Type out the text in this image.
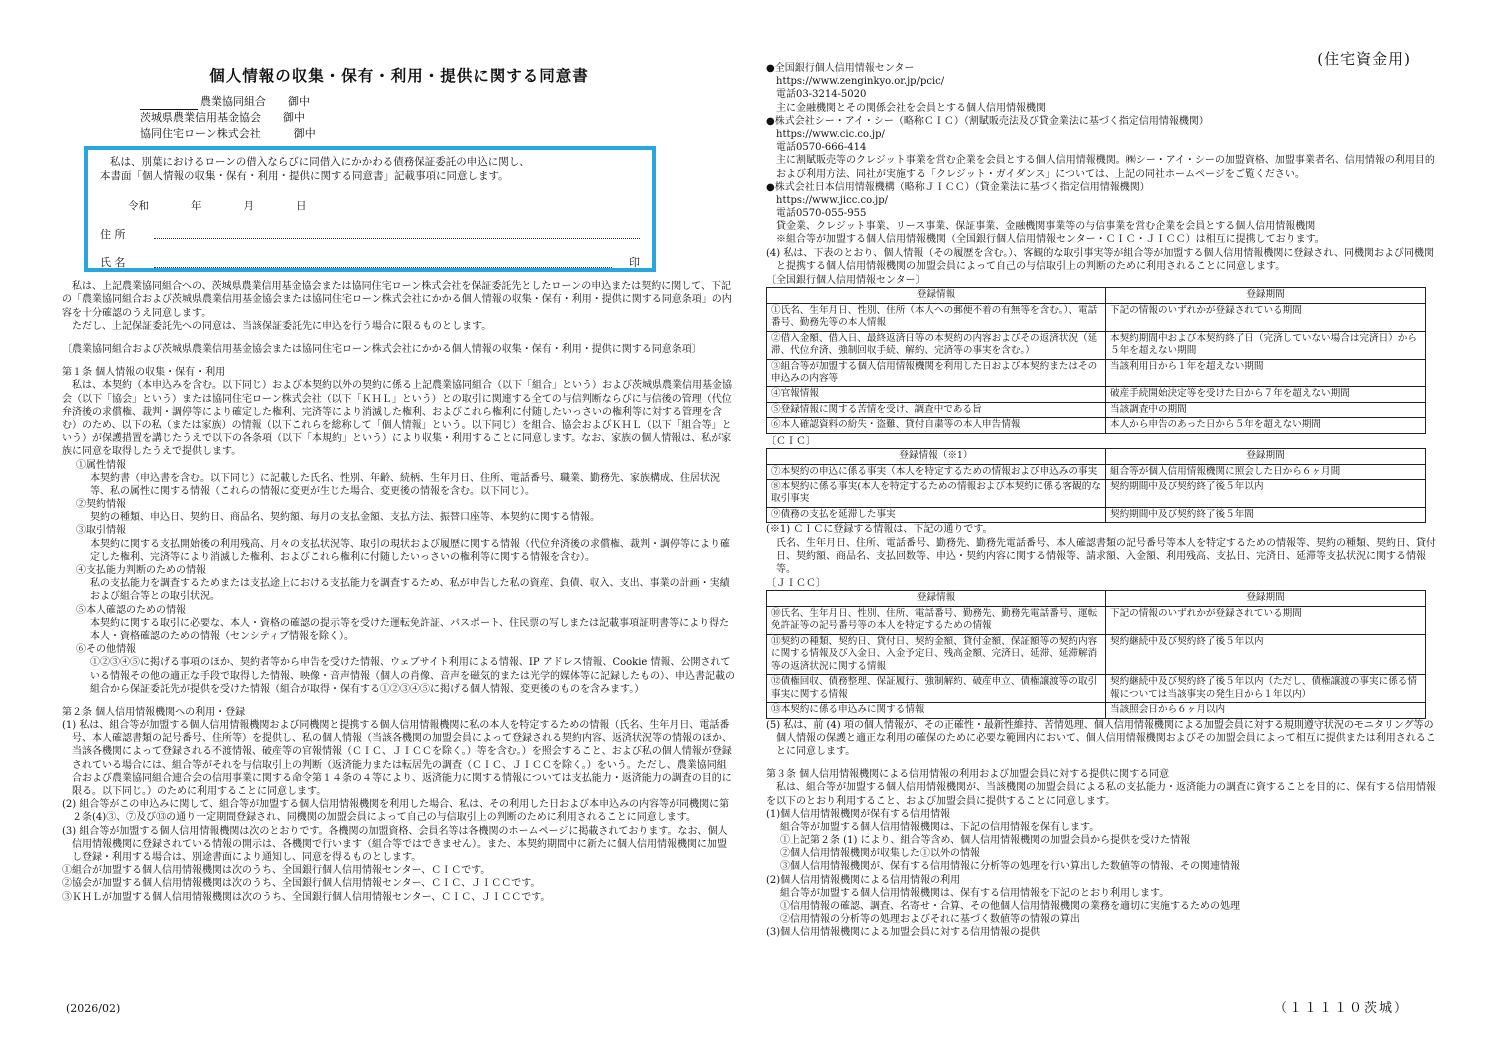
(住宅資金用)
個人情報の収集・保有・利用・提供に関する同意書
農業協同組合 御中
茨城県農業信用基金協会 御中
協同住宅ローン株式会社	御中

私は、別葉におけるローンの借入ならびに同借入にかかわる債務保証委託の申込に関し、

本書面「個人情報の収集・保有・利用・提供に関する同意書」記載事項に同意します。

令和	年	月	日
住 所
氏 名	印

私は、上記農業協同組合への、茨城県農業信用基金協会または協同住宅ローン株式会社を保証委託先としたローンの申込または契約に関して、下記の「農業協同組合および茨城県農業信用基金協会または協同住宅ローン株式会社にかかる個人情報の収集・保有・利用・提供に関する同意条項」の内容を十分確認のうえ同意します。

ただし、上記保証委託先への同意は、当該保証委託先に申込を行う場合に限るものとします。

〔農業協同組合および茨城県農業信用基金協会または協同住宅ローン株式会社にかかる個人情報の収集・保有・利用・提供に関する同意条項〕

第１条 個人情報の収集・保有・利用

私は、本契約（本申込みを含む。以下同じ）および本契約以外の契約に係る上記農業協同組合（以下「組合」という）および茨城県農業信用基金協会（以下「協会」という）または協同住宅ローン株式会社（以下「ＫＨＬ」という）との取引に関連する全ての与信判断ならびに与信後の管理（代位弁済後の求償権、裁判・調停等により確定した権利、完済等により消滅した権利、およびこれら権利に付随したいっさいの権利等に対する管理を含む）のため、以下の私（または家族）の情報（以下これらを総称して「個人情報」という。以下同じ）を組合、協会およびＫＨＬ（以下「組合等」という）が保護措置を講じたうえで以下の各条項（以下「本規約」という）により収集・利用することに同意します。なお、家族の個人情報は、私が家族に同意を取得したうえで提供します。

①属性情報

本契約書（申込書を含む。以下同じ）に記載した氏名、性別、年齢、続柄、生年月日、住所、電話番号、職業、勤務先、家族構成、住居状況等、私の属性に関する情報（これらの情報に変更が生じた場合、変更後の情報を含む。以下同じ）。

②契約情報

契約の種類、申込日、契約日、商品名、契約額、毎月の支払金額、支払方法、振替口座等、本契約に関する情報。

③取引情報

本契約に関する支払開始後の利用残高、月々の支払状況等、取引の現状および履歴に関する情報（代位弁済後の求償権、裁判・調停等により確定した権利、完済等により消滅した権利、およびこれら権利に付随したいっさいの権利等に関する情報を含む）。

④支払能力判断のための情報

私の支払能力を調査するためまたは支払途上における支払能力を調査するため、私が申告した私の資産、負債、収入、支出、事業の計画・実績および組合等との取引状況。

⑤本人確認のための情報

本契約に関する取引に必要な、本人・資格の確認の提示等を受けた運転免許証、パスポート、住民票の写しまたは記載事項証明書等により得た本人・資格確認のための情報（センシティブ情報を除く）。

⑥その他情報

①②③④⑤に掲げる事項のほか、契約者等から申告を受けた情報、ウェブサイト利用による情報、IP アドレス情報、Cookie 情報、公開されている情報その他の適正な手段で取得した情報、映像・音声情報（個人の肖像、音声を磁気的または光学的媒体等に記録したもの）、申込書記載の組合から保証委託先が提供を受けた情報（組合が取得・保有する①②③④⑤に掲げる個人情報、変更後のものを含みます。）

第２条 個人信用情報機関への利用・登録

(1) 私は、組合等が加盟する個人信用情報機関および同機関と提携する個人信用情報機関に私の本人を特定するための情報（氏名、生年月日、電話番号、本人確認書類の記号番号、住所等）を提供し、私の個人情報（当該各機関の加盟会員によって登録される契約内容、返済状況等の情報のほか、当該各機関によって登録される不渡情報、破産等の官報情報（ＣＩＣ、ＪＩＣＣを除く。）等を含む。）を照会すること、および私の個人情報が登録されている場合には、組合等がそれを与信取引上の判断（返済能力または転居先の調査（ＣＩＣ、ＪＩＣＣを除く。）をいう。ただし、農業協同組合および農業協同組合連合会の信用事業に関する命令第１４条の４等により、返済能力に関する情報については支払能力・返済能力の調査の目的に限る。以下同じ。）のために利用することに同意します。

(2) 組合等がこの申込みに関して、組合等が加盟する個人信用情報機関を利用した場合、私は、その利用した日および本申込みの内容等が同機関に第２条(4)③、⑦及び⑬の通り一定期間登録され、同機関の加盟会員によって自己の与信取引上の判断のために利用されることに同意します。

(3) 組合等が加盟する個人信用情報機関は次のとおりです。各機関の加盟資格、会員名等は各機関のホームページに掲載されております。なお、個人信用情報機関に登録されている情報の開示は、各機関で行います（組合等ではできません）。また、本契約期間中に新たに個人信用情報機関に加盟し登録・利用する場合は、別途書面により通知し、同意を得るものとします。

①組合が加盟する個人信用情報機関は次のうち、全国銀行個人信用情報センター、ＣＩＣです。

②協会が加盟する個人信用情報機関は次のうち、全国銀行個人信用情報センター、ＣＩＣ、ＪＩＣＣです。

③ＫＨＬが加盟する個人信用情報機関は次のうち、全国銀行個人信用情報センター、ＣＩＣ、ＪＩＣＣです。

●全国銀行個人信用情報センター

https://www.zenginkyo.or.jp/pcic/

電話03-3214-5020

主に金融機関とその関係会社を会員とする個人信用情報機関

●株式会社シー・アイ・シー（略称ＣＩＣ）（割賦販売法及び貸金業法に基づく指定信用情報機関）

https://www.cic.co.jp/

電話0570-666-414

主に割賦販売等のクレジット事業を営む企業を会員とする個人信用情報機関。㈱シー・アイ・シーの加盟資格、加盟事業者名、信用情報の利用目的および利用方法、同社が実施する「クレジット・ガイダンス」については、上記の同社ホームページをご覧ください。

●株式会社日本信用情報機構（略称ＪＩＣＣ）（貸金業法に基づく指定信用情報機関）

https://www.jicc.co.jp/

電話0570-055-955

貸金業、クレジット事業、リース事業、保証事業、金融機関事業等の与信事業を営む企業を会員とする個人信用情報機関

※組合等が加盟する個人信用情報機関（全国銀行個人信用情報センター・ＣＩＣ・ＪＩＣＣ）は相互に提携しております。

(4) 私は、下表のとおり、個人情報（その履歴を含む。）、客観的な取引事実等が組合等が加盟する個人信用情報機関に登録され、同機関および同機関と提携する個人信用情報機関の加盟会員によって自己の与信取引上の判断のために利用されることに同意します。

〔全国銀行個人信用情報センター〕

登録情報	登録期間
①氏名、生年月日、性別、住所（本人への郵便不着の有無等を含む。）、電話番号、勤務先等の本人情報	下記の情報のいずれかが登録されている期間
②借入金額、借入日、最終返済日等の本契約の内容およびその返済状況（延滞、代位弁済、強制回収手続、解約、完済等の事実を含む。）	本契約期間中および本契約終了日（完済していない場合は完済日）から５年を超えない期間
③組合等が加盟する個人信用情報機関を利用した日および本契約またはその申込みの内容等	当該利用日から１年を超えない期間
④官報情報	破産手続開始決定等を受けた日から７年を超えない期間
⑤登録情報に関する苦情を受け、調査中である旨	当該調査中の期間
⑥本人確認資料の紛失・盗難、貸付自粛等の本人申告情報	本人から申告のあった日から５年を超えない期間

〔ＣＩＣ〕

登録情報（※1）	登録期間
⑦本契約の申込に係る事実（本人を特定するための情報および申込みの事実	組合等が個人信用情報機関に照会した日から６ヶ月間
⑧本契約に係る事実(本人を特定するための情報および本契約に係る客観的な取引事実	契約期間中及び契約終了後５年以内
⑨債務の支払を延滞した事実	契約期間中及び契約終了後５年間

(※1) ＣＩＣに登録する情報は、下記の通りです。

氏名、生年月日、住所、電話番号、勤務先、勤務先電話番号、本人確認書類の記号番号等本人を特定するための情報等、契約の種類、契約日、貸付日、契約額、商品名、支払回数等、申込・契約内容に関する情報等、請求額、入金額、利用残高、支払日、完済日、延滞等支払状況に関する情報等。

〔ＪＩＣＣ〕

登録情報	登録期間
⑩氏名、生年月日、性別、住所、電話番号、勤務先、勤務先電話番号、運転免許証等の記号番号等の本人を特定するための情報	下記の情報のいずれかが登録されている期間
⑪契約の種類、契約日、貸付日、契約金額、貸付金額、保証額等の契約内容に関する情報及び入金日、入金予定日、残高金額、完済日、延滞、延滞解消等の返済状況に関する情報	契約継続中及び契約終了後５年以内
⑫債権回収、債務整理、保証履行、強制解約、破産申立、債権譲渡等の取引事実に関する情報	契約継続中及び契約終了後５年以内（ただし、債権譲渡の事実に係る情報については当該事実の発生日から１年以内）
⑬本契約に係る申込みに関する情報	当該照会日から６ヶ月以内

(5) 私は、前 (4) 項の個人情報が、その正確性・最新性維持、苦情処理、個人信用情報機関による加盟会員に対する規則遵守状況のモニタリング等の個人情報の保護と適正な利用の確保のために必要な範囲内において、個人信用情報機関およびその加盟会員によって相互に提供または利用されることに同意します。

第３条 個人信用情報機関による信用情報の利用および加盟会員に対する提供に関する同意

私は、組合等が加盟する個人信用情報機関が、当該機関の加盟会員による私の支払能力・返済能力の調査に資することを目的に、保有する信用情報を以下のとおり利用すること、および加盟会員に提供することに同意します。

(1)個人信用情報機関が保有する信用情報

組合等が加盟する個人信用情報機関は、下記の信用情報を保有します。

①上記第２条 (1) により、組合等含め、個人信用情報機関の加盟会員から提供を受けた情報

②個人信用情報機関が収集した①以外の情報

③個人信用情報機関が、保有する信用情報に分析等の処理を行い算出した数値等の情報、その関連情報

(2)個人信用情報機関による信用情報の利用

組合等が加盟する個人信用情報機関は、保有する信用情報を下記のとおり利用します。

①信用情報の確認、調査、名寄せ・合算、その他個人信用情報機関の業務を適切に実施するための処理

②信用情報の分析等の処理およびそれに基づく数値等の情報の算出

(3)個人信用情報機関による加盟会員に対する信用情報の提供

(2026/02)	（１１１１０茨城）
